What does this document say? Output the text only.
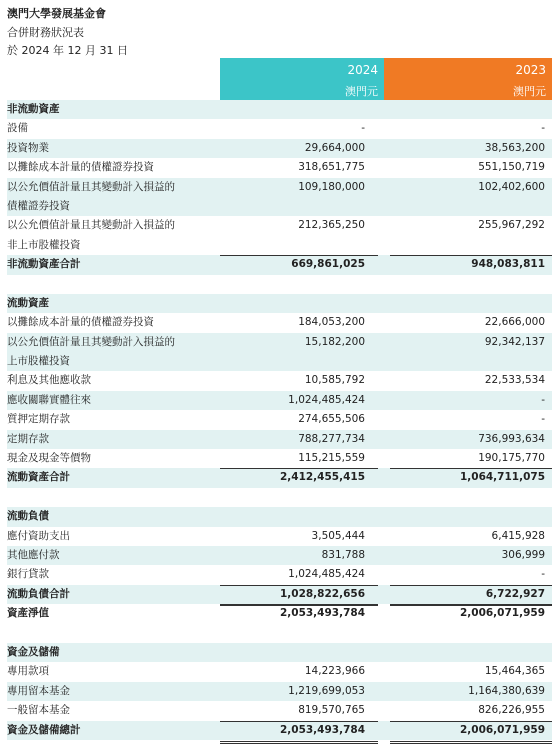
澳門大學發展基金會
合併財務狀況表
於 2024 年 12 月 31 日
2024
澳門元
2023
澳門元
非流動資產
設備	-	-
投資物業	29,664,000	38,563,200
以攤餘成本計量的債權證券投資	318,651,775	551,150,719
以公允價值計量且其變動計入損益的	109,180,000	102,402,600
債權證券投資
以公允價值計量且其變動計入損益的	212,365,250	255,967,292
非上市股權投資
非流動資產合計	669,861,025	948,083,811
流動資產
以攤餘成本計量的債權證券投資	184,053,200	22,666,000
以公允價值計量且其變動計入損益的	15,182,200	92,342,137
上市股權投資
利息及其他應收款	10,585,792	22,533,534
應收關聯實體往來	1,024,485,424	-
質押定期存款	274,655,506	-
定期存款	788,277,734	736,993,634
現金及現金等價物	115,215,559	190,175,770
流動資產合計	2,412,455,415	1,064,711,075
流動負債
應付資助支出	3,505,444	6,415,928
其他應付款	831,788	306,999
銀行貸款	1,024,485,424	-
流動負債合計	1,028,822,656	6,722,927
資產淨值	2,053,493,784	2,006,071,959
資金及儲備
專用款項	14,223,966	15,464,365
專用留本基金	1,219,699,053	1,164,380,639
一般留本基金	819,570,765	826,226,955
資金及儲備總計	2,053,493,784	2,006,071,959
